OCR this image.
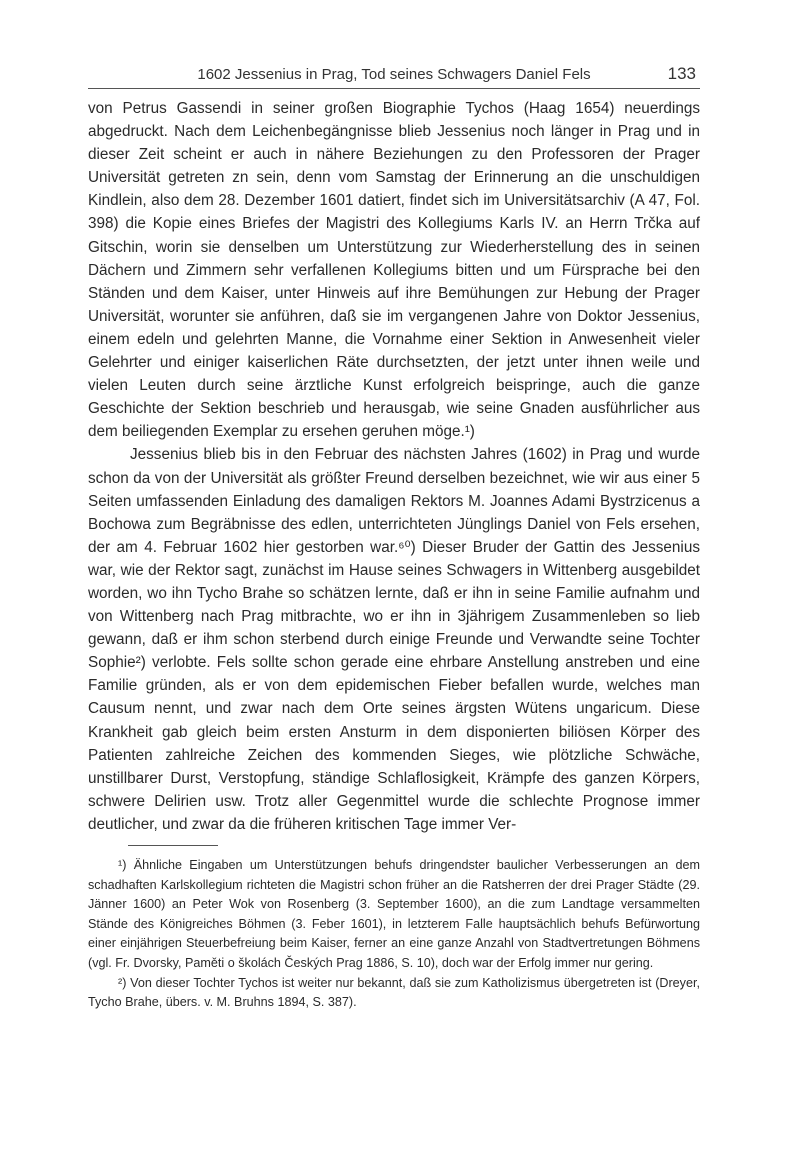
1602 Jessenius in Prag, Tod seines Schwagers Daniel Fels	133

von Petrus Gassendi in seiner großen Biographie Tychos (Haag 1654) neuerdings abgedruckt. Nach dem Leichenbegängnisse blieb Jessenius noch länger in Prag und in dieser Zeit scheint er auch in nähere Beziehungen zu den Professoren der Prager Universität getreten zn sein, denn vom Samstag der Erinnerung an die unschuldigen Kindlein, also dem 28. Dezember 1601 datiert, findet sich im Universitätsarchiv (A 47, Fol. 398) die Kopie eines Briefes der Magistri des Kollegiums Karls IV. an Herrn Trčka auf Gitschin, worin sie denselben um Unterstützung zur Wiederherstellung des in seinen Dächern und Zimmern sehr verfallenen Kollegiums bitten und um Fürsprache bei den Ständen und dem Kaiser, unter Hinweis auf ihre Bemühungen zur Hebung der Prager Universität, worunter sie anführen, daß sie im vergangenen Jahre von Doktor Jessenius, einem edeln und gelehrten Manne, die Vornahme einer Sektion in Anwesenheit vieler Gelehrter und einiger kaiserlichen Räte durchsetzten, der jetzt unter ihnen weile und vielen Leuten durch seine ärztliche Kunst erfolgreich beispringe, auch die ganze Geschichte der Sektion beschrieb und herausgab, wie seine Gnaden ausführlicher aus dem beiliegenden Exemplar zu ersehen geruhen möge.¹)

Jessenius blieb bis in den Februar des nächsten Jahres (1602) in Prag und wurde schon da von der Universität als größter Freund derselben bezeichnet, wie wir aus einer 5 Seiten umfassenden Einladung des damaligen Rektors M. Joannes Adami Bystrzicenus a Bochowa zum Begräbnisse des edlen, unterrichteten Jünglings Daniel von Fels ersehen, der am 4. Februar 1602 hier gestorben war.⁶⁰) Dieser Bruder der Gattin des Jessenius war, wie der Rektor sagt, zunächst im Hause seines Schwagers in Wittenberg ausgebildet worden, wo ihn Tycho Brahe so schätzen lernte, daß er ihn in seine Familie aufnahm und von Wittenberg nach Prag mitbrachte, wo er ihn in 3jährigem Zusammenleben so lieb gewann, daß er ihm schon sterbend durch einige Freunde und Verwandte seine Tochter Sophie²) verlobte. Fels sollte schon gerade eine ehrbare Anstellung anstreben und eine Familie gründen, als er von dem epidemischen Fieber befallen wurde, welches man Causum nennt, und zwar nach dem Orte seines ärgsten Wütens ungaricum. Diese Krankheit gab gleich beim ersten Ansturm in dem disponierten biliösen Körper des Patienten zahlreiche Zeichen des kommenden Sieges, wie plötzliche Schwäche, unstillbarer Durst, Verstopfung, ständige Schlaflosigkeit, Krämpfe des ganzen Körpers, schwere Delirien usw. Trotz aller Gegenmittel wurde die schlechte Prognose immer deutlicher, und zwar da die früheren kritischen Tage immer Ver-

¹) Ähnliche Eingaben um Unterstützungen behufs dringendster baulicher Verbesserungen an dem schadhaften Karlskollegium richteten die Magistri schon früher an die Ratsherren der drei Prager Städte (29. Jänner 1600) an Peter Wok von Rosenberg (3. September 1600), an die zum Landtage versammelten Stände des Königreiches Böhmen (3. Feber 1601), in letzterem Falle hauptsächlich behufs Befürwortung einer einjährigen Steuerbefreiung beim Kaiser, ferner an eine ganze Anzahl von Stadtvertretungen Böhmens (vgl. Fr. Dvorsky, Paměti o školách Českých Prag 1886, S. 10), doch war der Erfolg immer nur gering.

²) Von dieser Tochter Tychos ist weiter nur bekannt, daß sie zum Katholizismus übergetreten ist (Dreyer, Tycho Brahe, übers. v. M. Bruhns 1894, S. 387).
